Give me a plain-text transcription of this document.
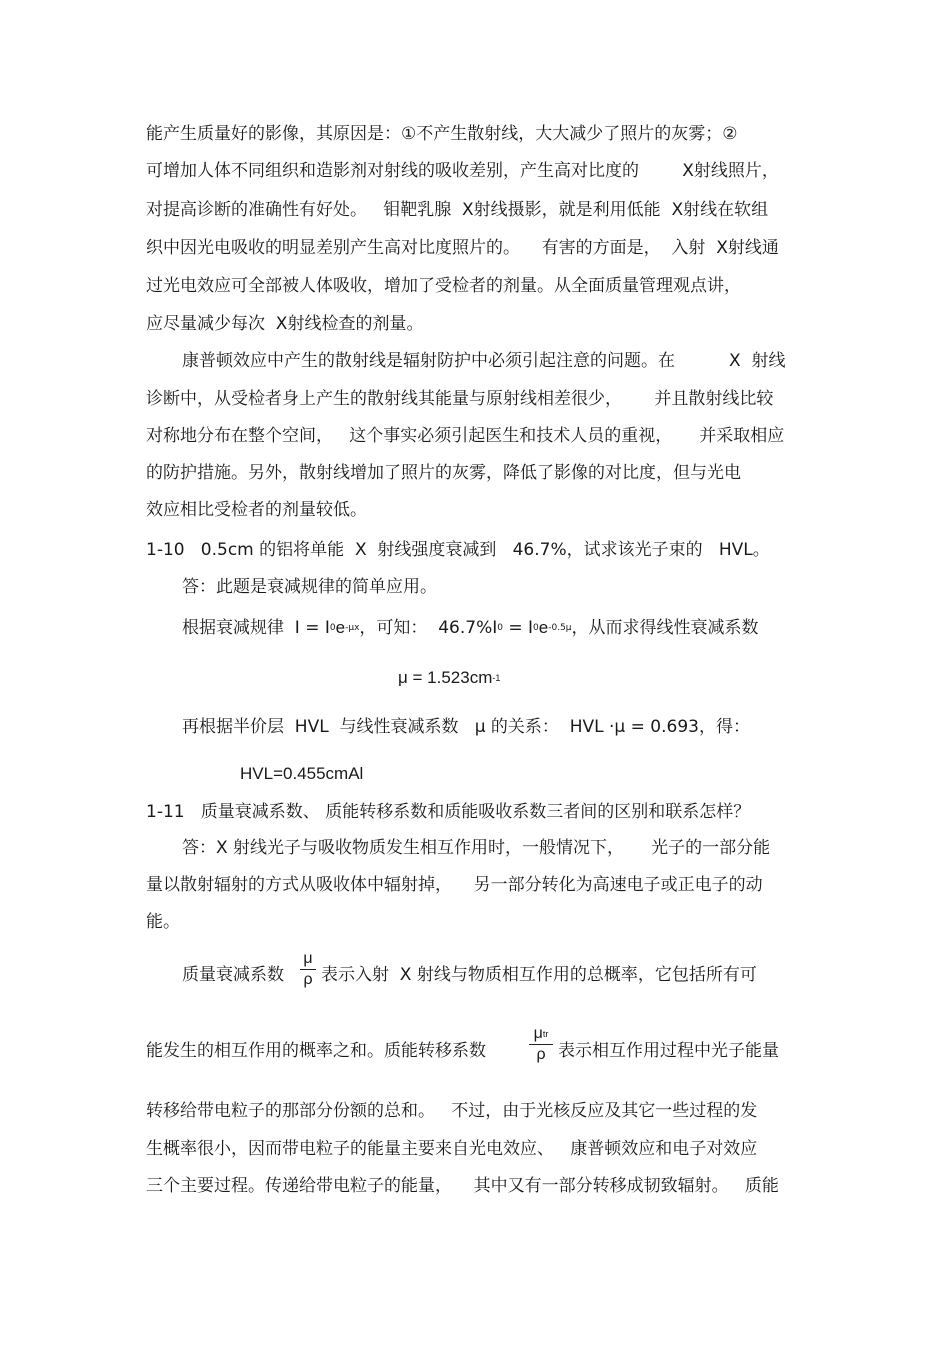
能产生质量好的影像，其原因是：①不产生散射线，大大减少了照片的灰雾；②
可增加人体不同组织和造影剂对射线的吸收差别，产生高对比度的        X射线照片，
对提高诊断的准确性有好处。   钼靶乳腺  X射线摄影，就是利用低能  X射线在软组
织中因光电吸收的明显差别产生高对比度照片的。    有害的方面是，  入射  X射线通
过光电效应可全部被人体吸收，增加了受检者的剂量。从全面质量管理观点讲，
应尽量减少每次  X射线检查的剂量。
康普顿效应中产生的散射线是辐射防护中必须引起注意的问题。在          X  射线
诊断中，从受检者身上产生的散射线其能量与原射线相差很少，      并且散射线比较
对称地分布在整个空间，   这个事实必须引起医生和技术人员的重视，     并采取相应
的防护措施。另外，散射线增加了照片的灰雾，降低了影像的对比度，但与光电
效应相比受检者的剂量较低。
1-10   0.5cm 的铝将单能  X  射线强度衰减到   46.7%，试求该光子束的   HVL。
答：此题是衰减规律的简单应用。
根据衰减规律  $I = I_0e^{-\mu x}$，可知：  $46.7\%I_0 = I_0e^{-0.5\mu}$，从而求得线性衰减系数
$\mu = 1.523cm^{-1}$
再根据半价层  HVL  与线性衰减系数   μ 的关系：  HVL ·μ = 0.693，得：
HVL=0.455cmAl
1-11   质量衰减系数、 质能转移系数和质能吸收系数三者间的区别和联系怎样？
答：X 射线光子与吸收物质发生相互作用时，一般情况下，     光子的一部分能
量以散射辐射的方式从吸收体中辐射掉，    另一部分转化为高速电子或正电子的动
能。
质量衰减系数
μ
ρ 表示入射  X 射线与物质相互作用的总概率，它包括所有可
能发生的相互作用的概率之和。质能转移系数
$\mu^{tr}$
ρ 表示相互作用过程中光子能量
转移给带电粒子的那部分份额的总和。   不过，由于光核反应及其它一些过程的发
生概率很小，因而带电粒子的能量主要来自光电效应、   康普顿效应和电子对效应
三个主要过程。传递给带电粒子的能量，    其中又有一部分转移成韧致辐射。   质能
